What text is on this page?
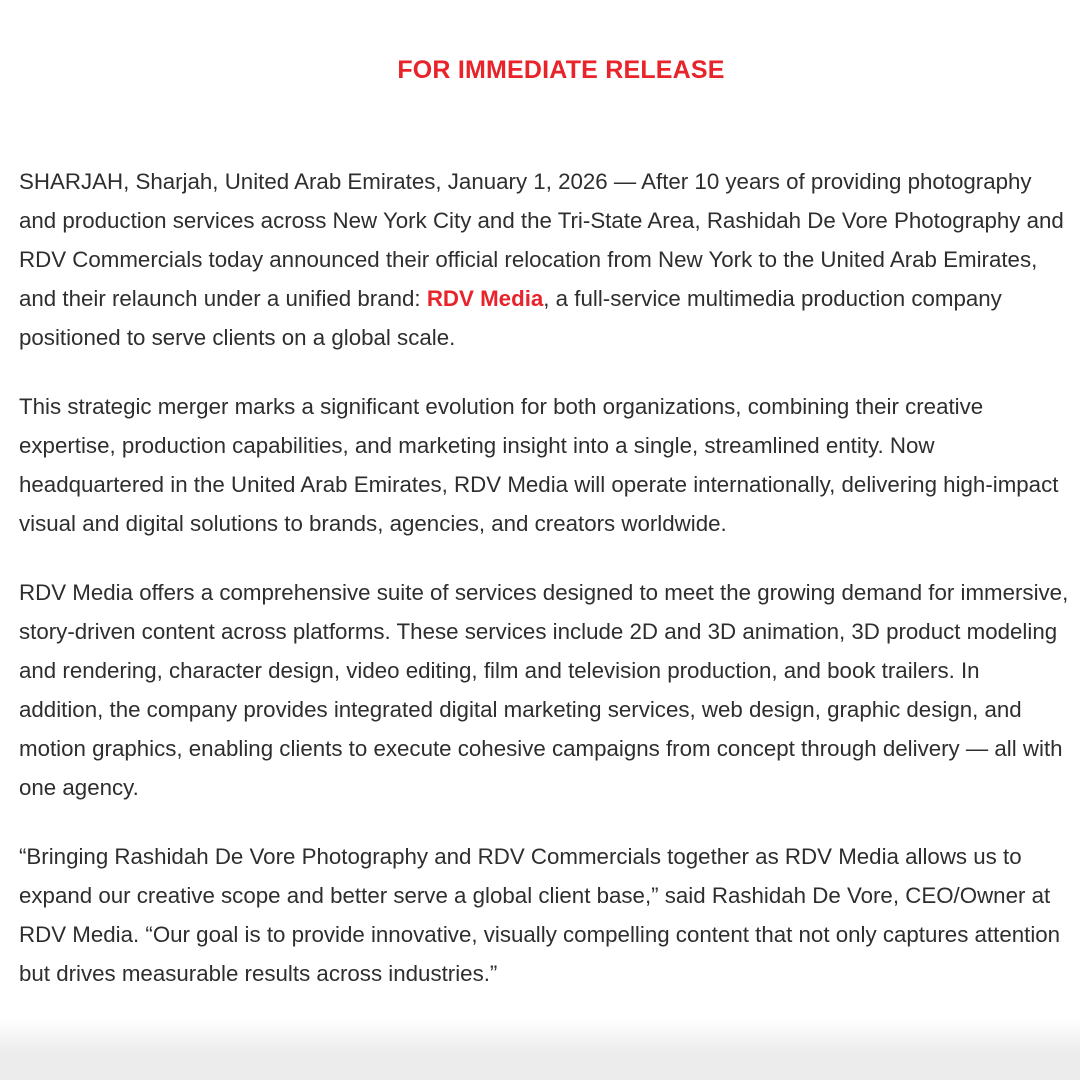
FOR IMMEDIATE RELEASE

SHARJAH, Sharjah, United Arab Emirates, January 1, 2026 — After 10 years of providing photography and production services across New York City and the Tri-State Area, Rashidah De Vore Photography and RDV Commercials today announced their official relocation from New York to the United Arab Emirates, and their relaunch under a unified brand: RDV Media, a full-service multimedia production company positioned to serve clients on a global scale.

This strategic merger marks a significant evolution for both organizations, combining their creative expertise, production capabilities, and marketing insight into a single, streamlined entity. Now headquartered in the United Arab Emirates, RDV Media will operate internationally, delivering high-impact visual and digital solutions to brands, agencies, and creators worldwide.

RDV Media offers a comprehensive suite of services designed to meet the growing demand for immersive, story-driven content across platforms. These services include 2D and 3D animation, 3D product modeling and rendering, character design, video editing, film and television production, and book trailers. In addition, the company provides integrated digital marketing services, web design, graphic design, and motion graphics, enabling clients to execute cohesive campaigns from concept through delivery — all with one agency.

“Bringing Rashidah De Vore Photography and RDV Commercials together as RDV Media allows us to expand our creative scope and better serve a global client base,” said Rashidah De Vore, CEO/Owner at RDV Media. “Our goal is to provide innovative, visually compelling content that not only captures attention but drives measurable results across industries.”
